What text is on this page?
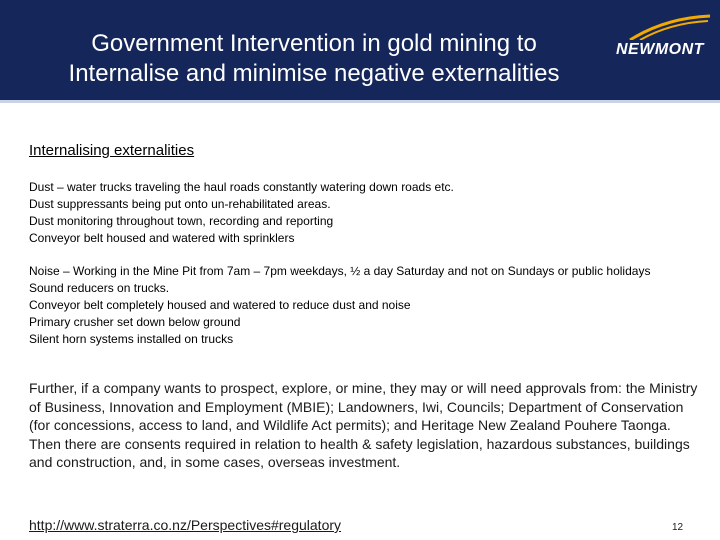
Government Intervention in gold mining to
Internalise and minimise negative externalities
NEWMONT
Internalising externalities
Dust – water trucks traveling the haul roads constantly watering down roads etc.
Dust suppressants being put onto un-rehabilitated areas.
Dust monitoring throughout town, recording and reporting
Conveyor belt housed and watered with sprinklers
Noise – Working in the Mine Pit from 7am – 7pm weekdays, ½ a day Saturday and not on Sundays or public holidays
Sound reducers on trucks.
Conveyor belt completely housed and watered to reduce dust and noise
Primary crusher set down below ground
Silent horn systems installed on trucks
Further, if a company wants to prospect, explore, or mine, they may or will need approvals from: the Ministry of Business, Innovation and Employment (MBIE); Landowners, Iwi, Councils; Department of Conservation (for concessions, access to land, and Wildlife Act permits); and Heritage New Zealand Pouhere Taonga. Then there are consents required in relation to health & safety legislation, hazardous substances, buildings and construction, and, in some cases, overseas investment.
http://www.straterra.co.nz/Perspectives#regulatory	12
